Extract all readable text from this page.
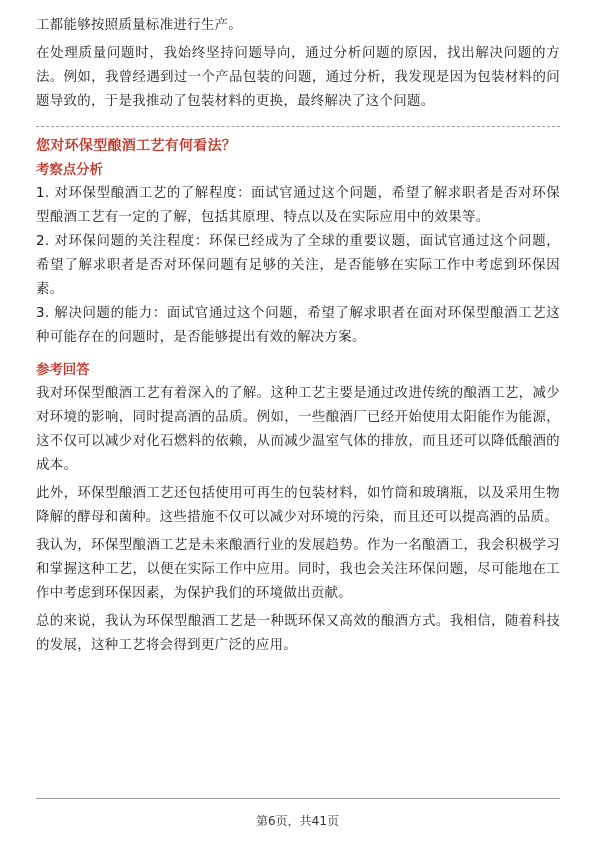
工都能够按照质量标准进行生产。

在处理质量问题时，我始终坚持问题导向，通过分析问题的原因，找出解决问题的方法。例如，我曾经遇到过一个产品包装的问题，通过分析，我发现是因为包装材料的问题导致的，于是我推动了包装材料的更换，最终解决了这个问题。

您对环保型酿酒工艺有何看法？
考察点分析

1. 对环保型酿酒工艺的了解程度：面试官通过这个问题，希望了解求职者是否对环保型酿酒工艺有一定的了解，包括其原理、特点以及在实际应用中的效果等。

2. 对环保问题的关注程度：环保已经成为了全球的重要议题，面试官通过这个问题，希望了解求职者是否对环保问题有足够的关注，是否能够在实际工作中考虑到环保因素。

3. 解决问题的能力：面试官通过这个问题，希望了解求职者在面对环保型酿酒工艺这种可能存在的问题时，是否能够提出有效的解决方案。

参考回答

我对环保型酿酒工艺有着深入的了解。这种工艺主要是通过改进传统的酿酒工艺，减少对环境的影响，同时提高酒的品质。例如，一些酿酒厂已经开始使用太阳能作为能源，这不仅可以减少对化石燃料的依赖，从而减少温室气体的排放，而且还可以降低酿酒的成本。

此外，环保型酿酒工艺还包括使用可再生的包装材料，如竹筒和玻璃瓶，以及采用生物降解的酵母和菌种。这些措施不仅可以减少对环境的污染，而且还可以提高酒的品质。

我认为，环保型酿酒工艺是未来酿酒行业的发展趋势。作为一名酿酒工，我会积极学习和掌握这种工艺，以便在实际工作中应用。同时，我也会关注环保问题，尽可能地在工作中考虑到环保因素，为保护我们的环境做出贡献。

总的来说，我认为环保型酿酒工艺是一种既环保又高效的酿酒方式。我相信，随着科技的发展，这种工艺将会得到更广泛的应用。

第6页，共41页
